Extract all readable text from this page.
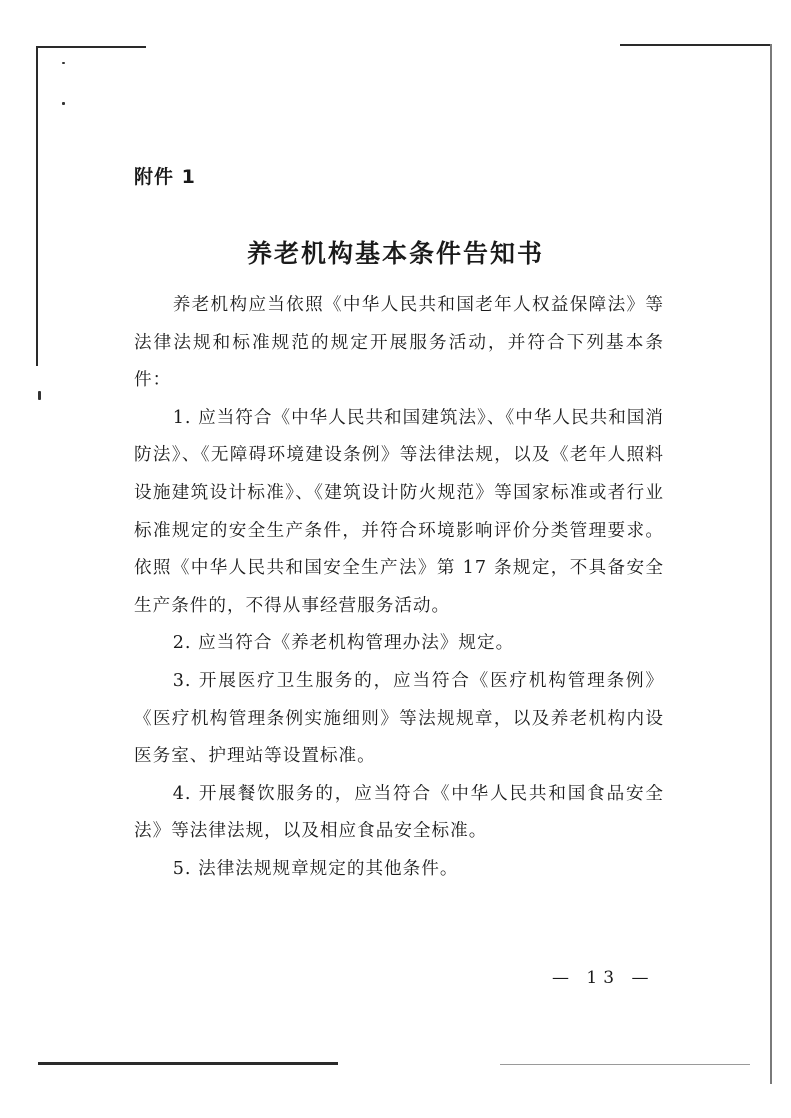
附件 1
养老机构基本条件告知书

养老机构应当依照《中华人民共和国老年人权益保障法》等法律法规和标准规范的规定开展服务活动，并符合下列基本条件：

1. 应当符合《中华人民共和国建筑法》、《中华人民共和国消防法》、《无障碍环境建设条例》等法律法规，以及《老年人照料设施建筑设计标准》、《建筑设计防火规范》等国家标准或者行业标准规定的安全生产条件，并符合环境影响评价分类管理要求。依照《中华人民共和国安全生产法》第 17 条规定，不具备安全生产条件的，不得从事经营服务活动。

2. 应当符合《养老机构管理办法》规定。

3. 开展医疗卫生服务的，应当符合《医疗机构管理条例》《医疗机构管理条例实施细则》等法规规章，以及养老机构内设医务室、护理站等设置标准。

4. 开展餐饮服务的，应当符合《中华人民共和国食品安全法》等法律法规，以及相应食品安全标准。

5. 法律法规规章规定的其他条件。

— 13 —
